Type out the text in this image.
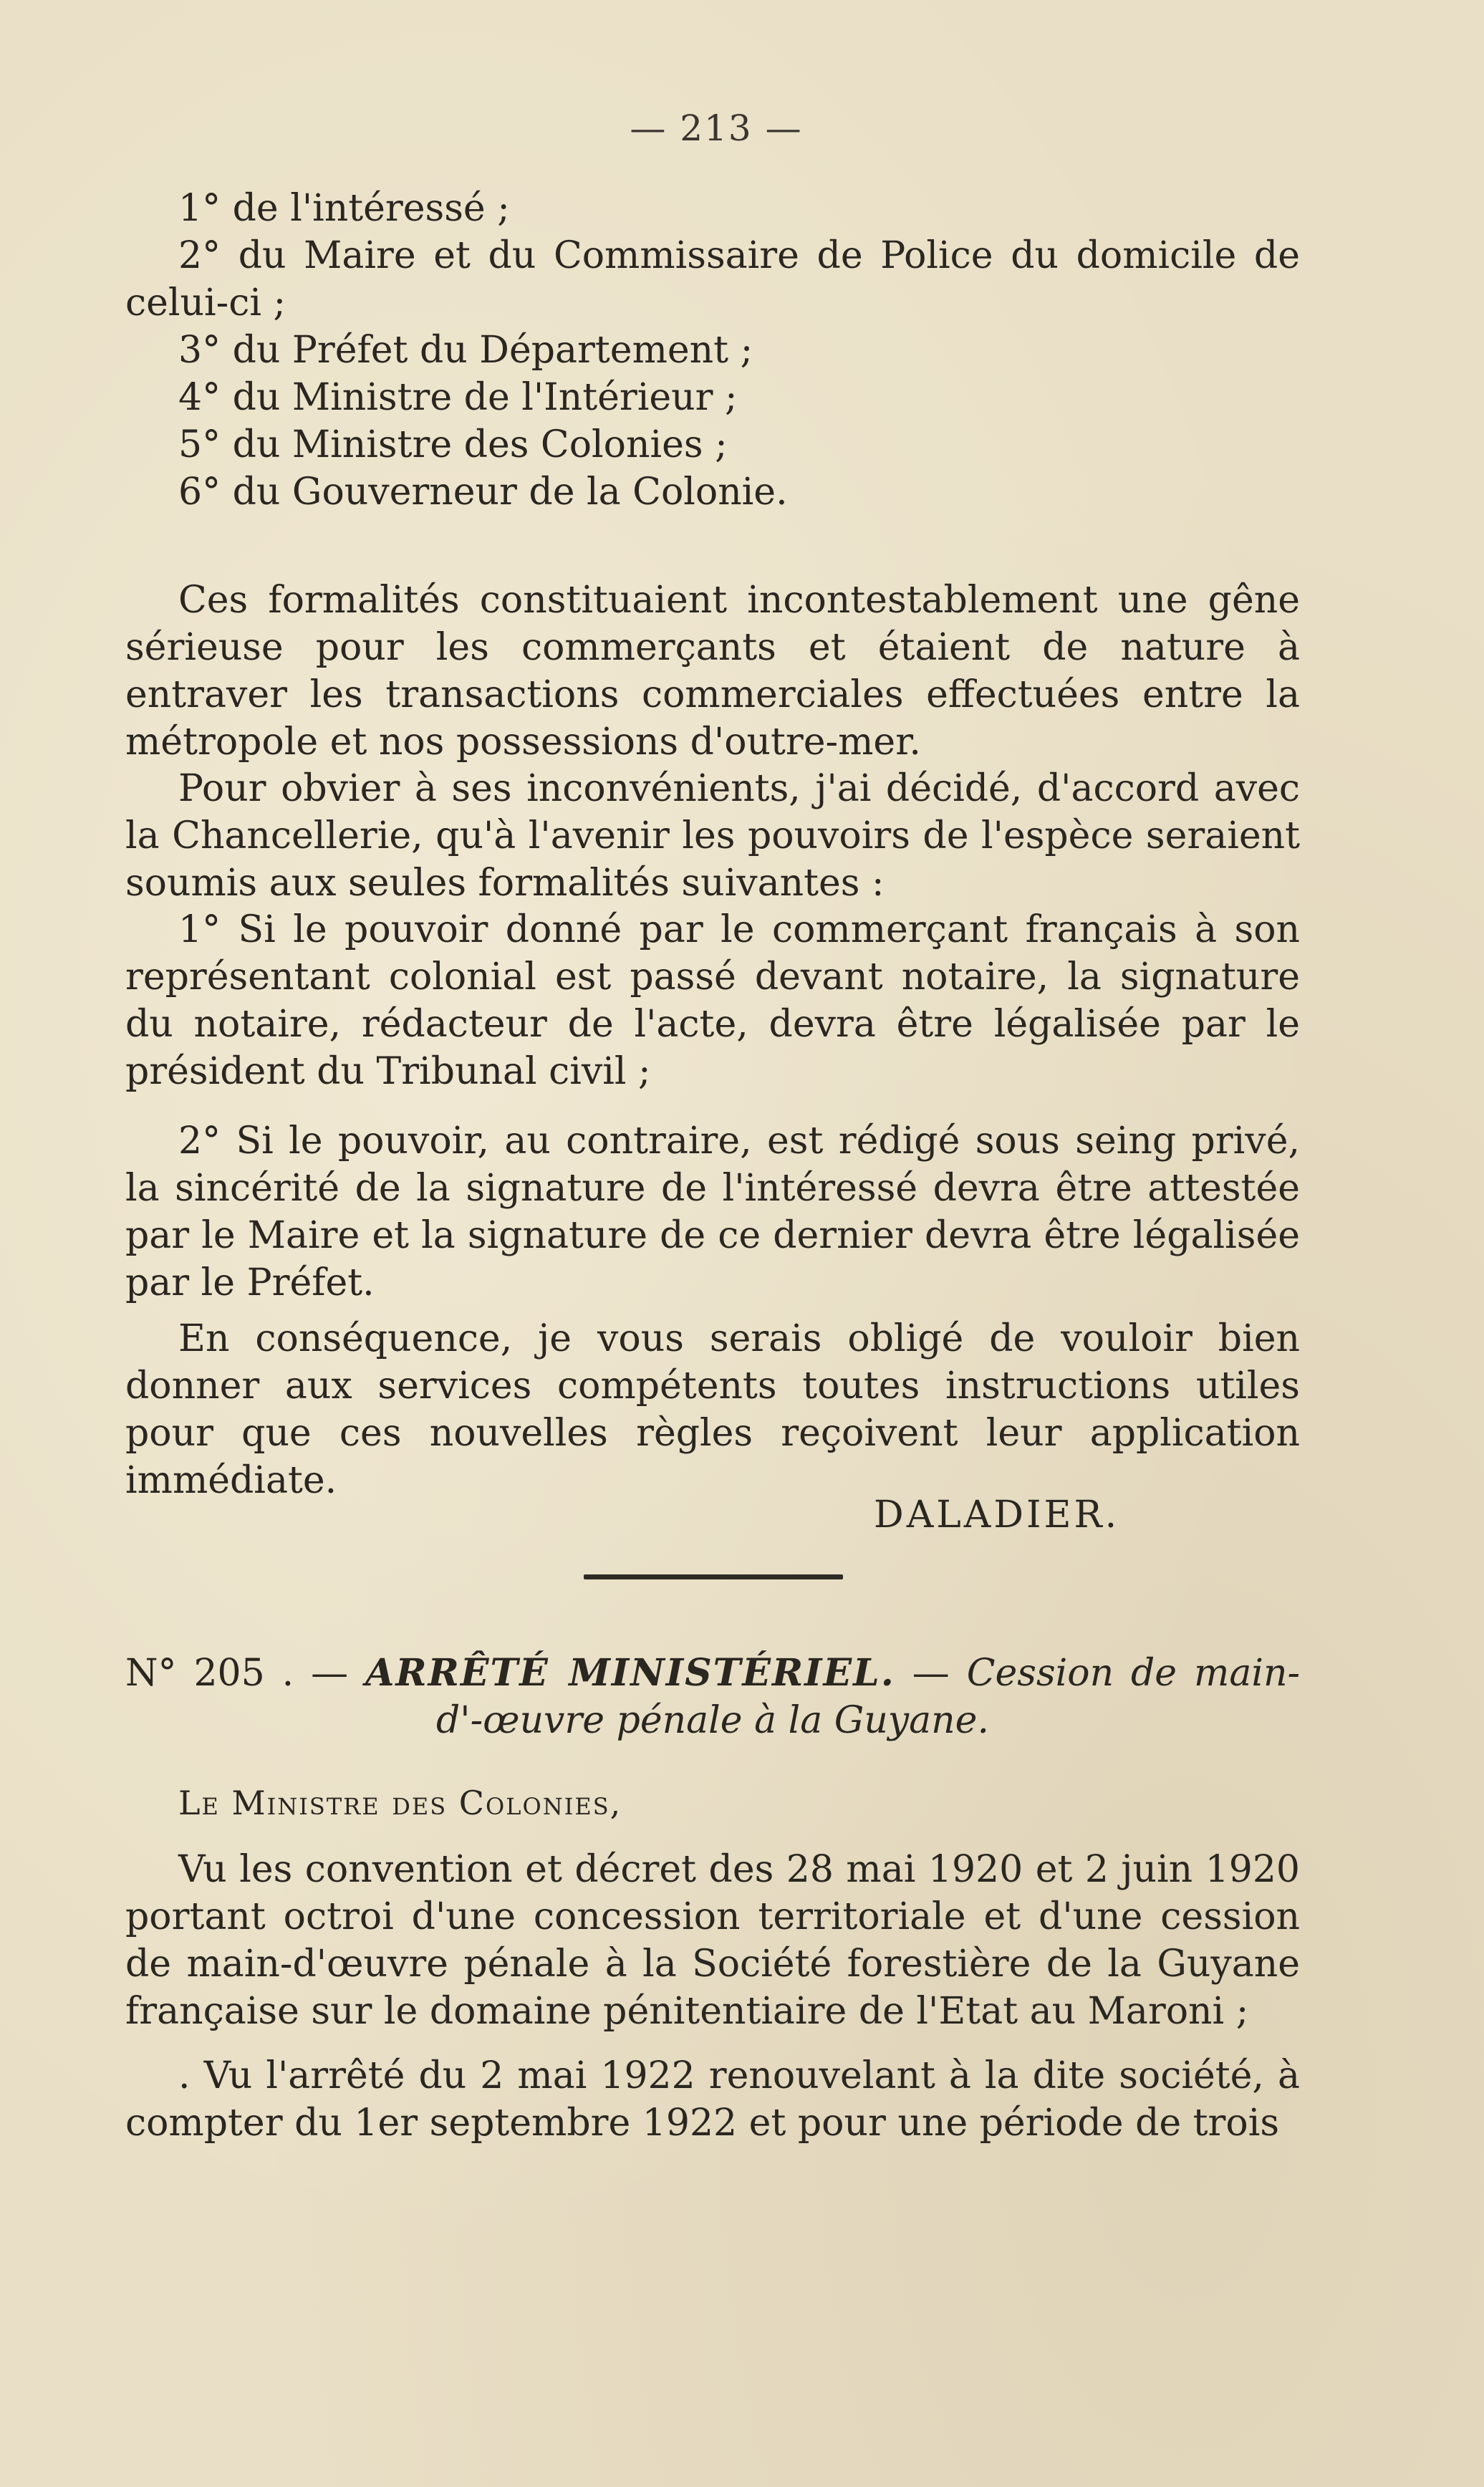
— 213 —

1° de l'intéressé ;

2° du Maire et du Commissaire de Police du domicile de celui-ci ;

3° du Préfet du Département ;

4° du Ministre de l'Intérieur ;

5° du Ministre des Colonies ;

6° du Gouverneur de la Colonie.

Ces formalités constituaient incontestablement une gêne sérieuse pour les commerçants et étaient de nature à entraver les transactions commerciales effectuées entre la métropole et nos possessions d'outre-mer.

Pour obvier à ses inconvénients, j'ai décidé, d'accord avec la Chancellerie, qu'à l'avenir les pouvoirs de l'espèce seraient soumis aux seules formalités suivantes :

1° Si le pouvoir donné par le commerçant français à son représentant colonial est passé devant notaire, la signature du notaire, rédacteur de l'acte, devra être légalisée par le président du Tribunal civil ;

2° Si le pouvoir, au contraire, est rédigé sous seing privé, la sincérité de la signature de l'intéressé devra être attestée par le Maire et la signature de ce dernier devra être légalisée par le Préfet.

En conséquence, je vous serais obligé de vouloir bien donner aux services compétents toutes instructions utiles pour que ces nouvelles règles reçoivent leur application immédiate.

DALADIER.
N° 205 . — ARRÊTÉ MINISTÉRIEL. — Cession de main-
d'-œuvre pénale à la Guyane.
Le Ministre des Colonies,

Vu les convention et décret des 28 mai 1920 et 2 juin 1920 portant octroi d'une concession territoriale et d'une cession de main-d'œuvre pénale à la Société forestière de la Guyane française sur le domaine pénitentiaire de l'Etat au Maroni ;

. Vu l'arrêté du 2 mai 1922 renouvelant à la dite société, à compter du 1er septembre 1922 et pour une période de trois
